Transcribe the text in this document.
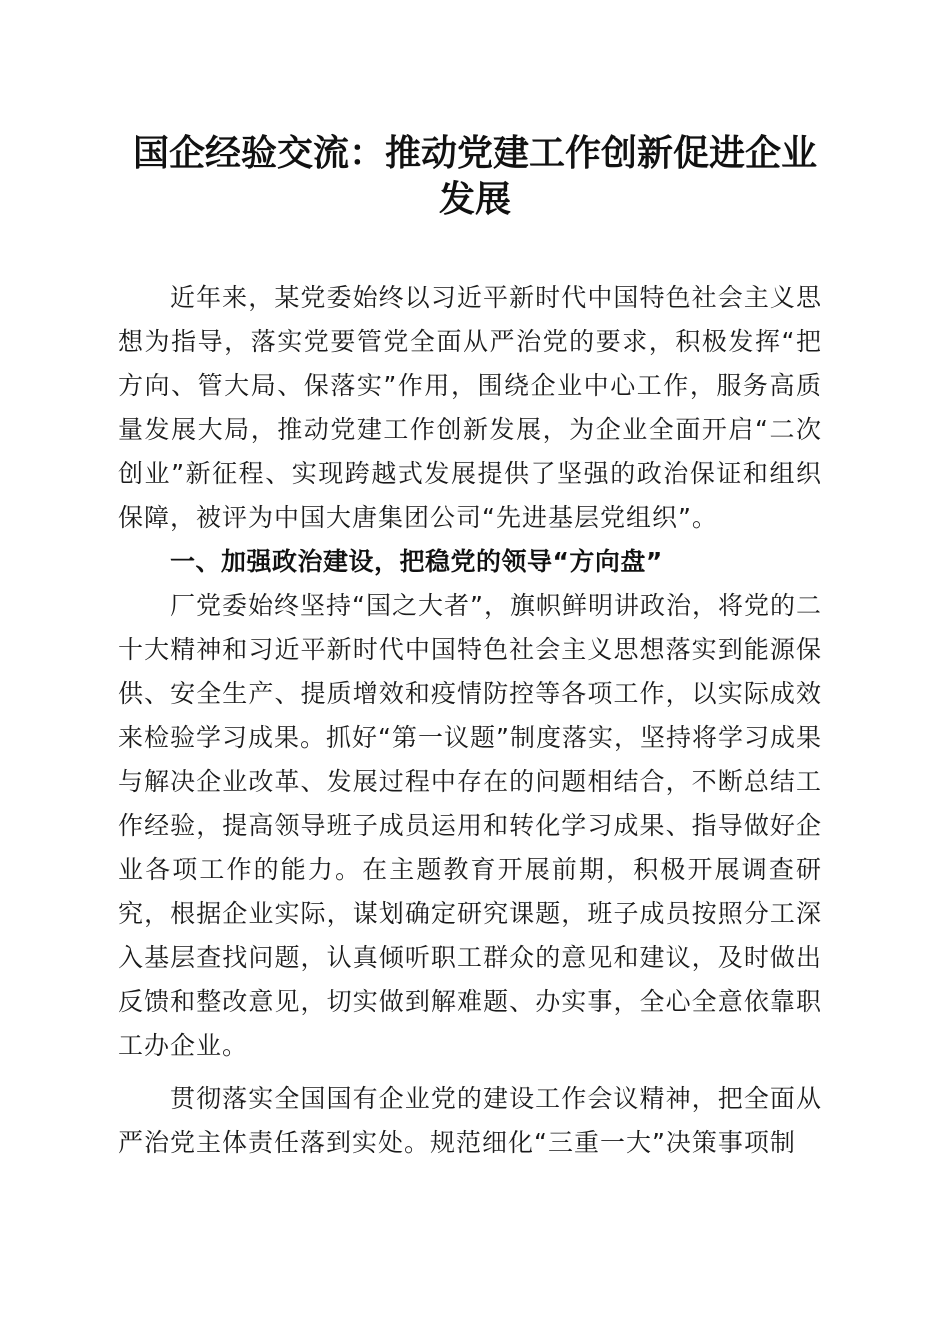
国企经验交流：推动党建工作创新促进企业发展

近年来，某党委始终以习近平新时代中国特色社会主义思想为指导，落实党要管党全面从严治党的要求，积极发挥“把方向、管大局、保落实”作用，围绕企业中心工作，服务高质量发展大局，推动党建工作创新发展，为企业全面开启“二次创业”新征程、实现跨越式发展提供了坚强的政治保证和组织保障，被评为中国大唐集团公司“先进基层党组织”。

一、加强政治建设，把稳党的领导“方向盘”

厂党委始终坚持“国之大者”，旗帜鲜明讲政治，将党的二十大精神和习近平新时代中国特色社会主义思想落实到能源保供、安全生产、提质增效和疫情防控等各项工作，以实际成效来检验学习成果。抓好“第一议题”制度落实，坚持将学习成果与解决企业改革、发展过程中存在的问题相结合，不断总结工作经验，提高领导班子成员运用和转化学习成果、指导做好企业各项工作的能力。在主题教育开展前期，积极开展调查研究，根据企业实际，谋划确定研究课题，班子成员按照分工深入基层查找问题，认真倾听职工群众的意见和建议，及时做出反馈和整改意见，切实做到解难题、办实事，全心全意依靠职工办企业。

贯彻落实全国国有企业党的建设工作会议精神，把全面从严治党主体责任落到实处。规范细化“三重一大”决策事项制
